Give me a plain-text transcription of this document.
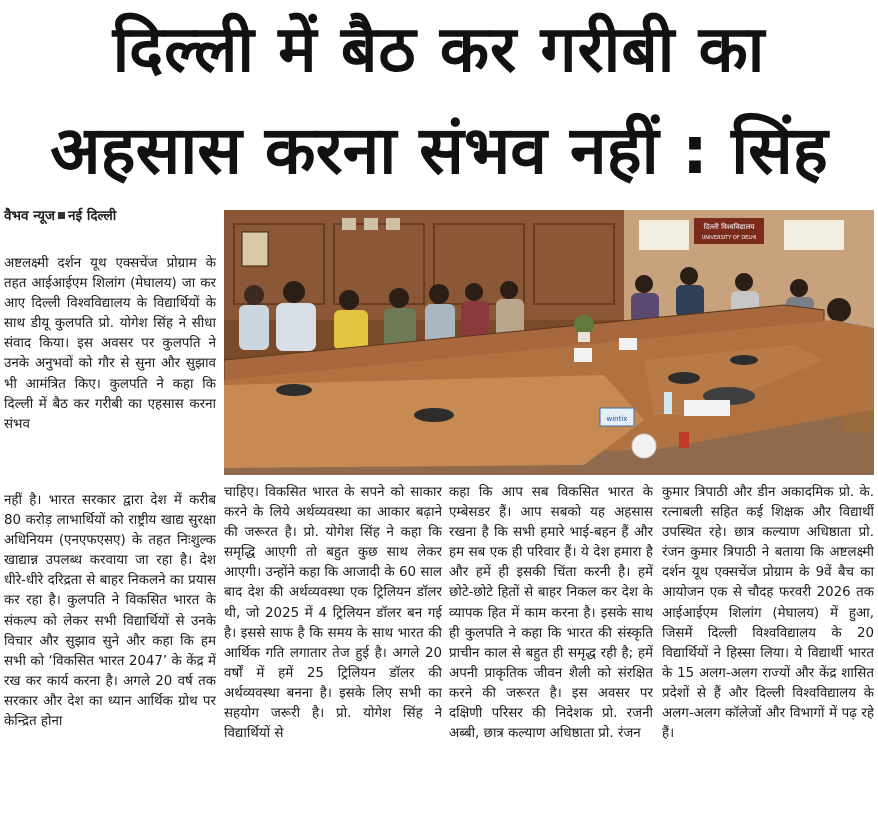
दिल्ली में बैठ कर गरीबी का
अहसास करना संभव नहीं : सिंह
वैभव न्यूज नई दिल्ली
दिल्ली विश्वविद्यालय
UNIVERSITY OF DELHI
wintix

अष्टलक्ष्मी दर्शन यूथ एक्सचेंज प्रोग्राम के तहत आईआईएम शिलांग (मेघालय) जा कर आए दिल्ली विश्वविद्यालय के विद्यार्थियों के साथ डीयू कुलपति प्रो. योगेश सिंह ने सीधा संवाद किया। इस अवसर पर कुलपति ने उनके अनुभवों को गौर से सुना और सुझाव भी आमंत्रित किए। कुलपति ने कहा कि दिल्ली में बैठ कर गरीबी का एहसास करना संभव

नहीं है। भारत सरकार द्वारा देश में करीब 80 करोड़ लाभार्थियों को राष्ट्रीय खाद्य सुरक्षा अधिनियम (एनएफएसए) के तहत निःशुल्क खाद्यान्न उपलब्ध करवाया जा रहा है। देश धीरे-धीरे दरिद्रता से बाहर निकलने का प्रयास कर रहा है। कुलपति ने विकसित भारत के संकल्प को लेकर सभी विद्यार्थियों से उनके विचार और सुझाव सुने और कहा कि हम सभी को ‘विकसित भारत 2047’ के केंद्र में रख कर कार्य करना है। अगले 20 वर्ष तक सरकार और देश का ध्यान आर्थिक ग्रोथ पर केन्द्रित होना

चाहिए। विकसित भारत के सपने को साकार करने के लिये अर्थव्यवस्था का आकार बढ़ाने की जरूरत है। प्रो. योगेश सिंह ने कहा कि समृद्धि आएगी तो बहुत कुछ साथ लेकर आएगी। उन्होंने कहा कि आजादी के 60 साल बाद देश की अर्थव्यवस्था एक ट्रिलियन डॉलर थी, जो 2025 में 4 ट्रिलियन डॉलर बन गई है। इससे साफ है कि समय के साथ भारत की आर्थिक गति लगातार तेज हुई है। अगले 20 वर्षों में हमें 25 ट्रिलियन डॉलर की अर्थव्यवस्था बनना है। इसके लिए सभी का सहयोग जरूरी है। प्रो. योगेश सिंह ने विद्यार्थियों से

कहा कि आप सब विकसित भारत के एम्बेसडर हैं। आप सबको यह अहसास रखना है कि सभी हमारे भाई-बहन हैं और हम सब एक ही परिवार हैं। ये देश हमारा है और हमें ही इसकी चिंता करनी है। हमें छोटे-छोटे हितों से बाहर निकल कर देश के व्यापक हित में काम करना है। इसके साथ ही कुलपति ने कहा कि भारत की संस्कृति प्राचीन काल से बहुत ही समृद्ध रही है; हमें अपनी प्राकृतिक जीवन शैली को संरक्षित करने की जरूरत है। इस अवसर पर दक्षिणी परिसर की निदेशक प्रो. रजनी अब्बी, छात्र कल्याण अधिष्ठाता प्रो. रंजन

कुमार त्रिपाठी और डीन अकादमिक प्रो. के. रत्नाबली सहित कई शिक्षक और विद्यार्थी उपस्थित रहे। छात्र कल्याण अधिष्ठाता प्रो. रंजन कुमार त्रिपाठी ने बताया कि अष्टलक्ष्मी दर्शन यूथ एक्सचेंज प्रोग्राम के 9वें बैच का आयोजन एक से चौदह फरवरी 2026 तक आईआईएम शिलांग (मेघालय) में हुआ, जिसमें दिल्ली विश्वविद्यालय के 20 विद्यार्थियों ने हिस्सा लिया। ये विद्यार्थी भारत के 15 अलग-अलग राज्यों और केंद्र शासित प्रदेशों से हैं और दिल्ली विश्वविद्यालय के अलग-अलग कॉलेजों और विभागों में पढ़ रहे हैं।
